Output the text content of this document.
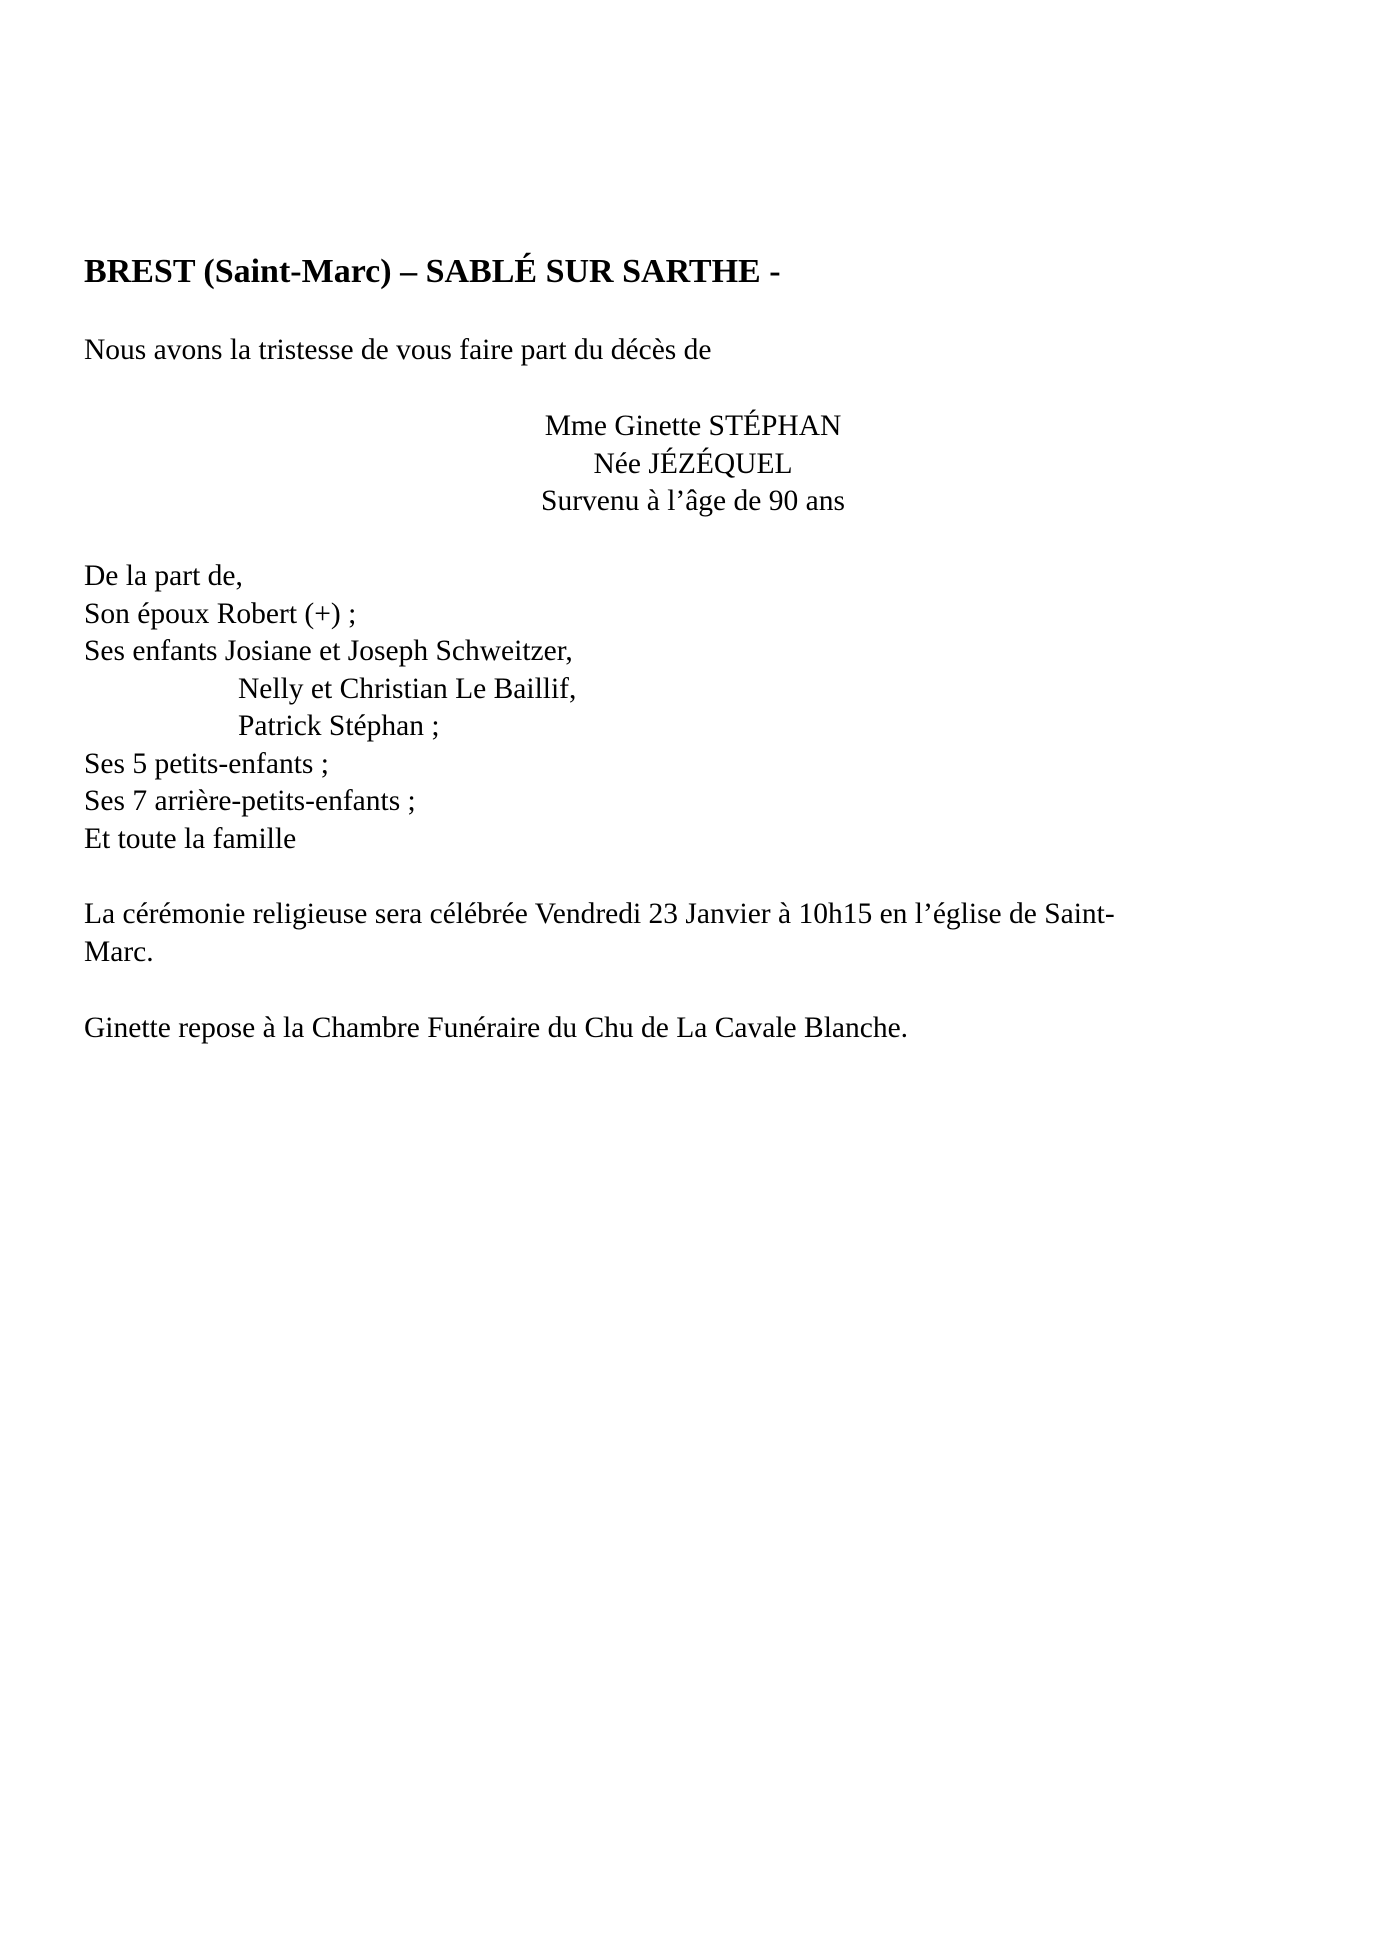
BREST (Saint-Marc) – SABLÉ SUR SARTHE -
Nous avons la tristesse de vous faire part du décès de
Mme Ginette STÉPHAN
Née JÉZÉQUEL
Survenu à l’âge de 90 ans
De la part de,
Son époux Robert (+) ;
Ses enfants Josiane et Joseph Schweitzer,
Nelly et Christian Le Baillif,
Patrick Stéphan ;
Ses 5 petits-enfants ;
Ses 7 arrière-petits-enfants ;
Et toute la famille
La cérémonie religieuse sera célébrée Vendredi 23 Janvier à 10h15 en l’église de Saint-
Marc.
Ginette repose à la Chambre Funéraire du Chu de La Cavale Blanche.
